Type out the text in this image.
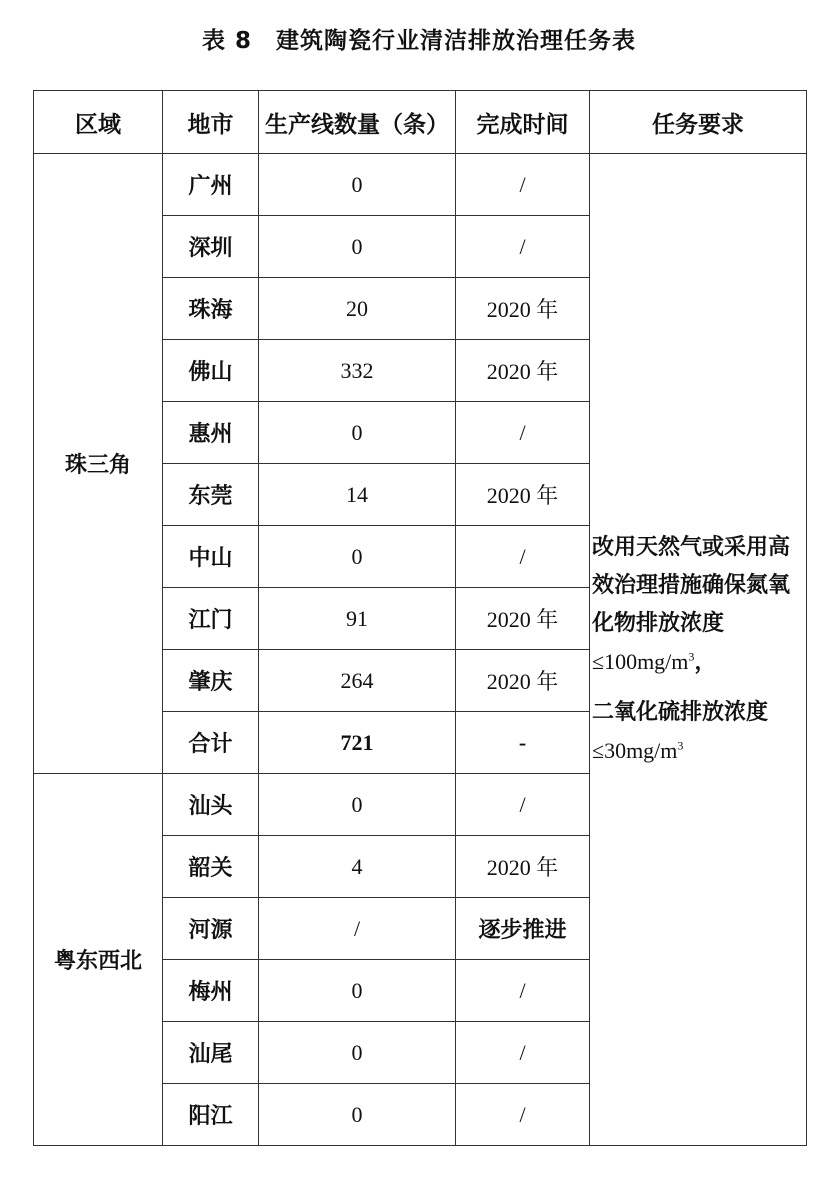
表 8　建筑陶瓷行业清洁排放治理任务表
区域	地市	生产线数量（条）	完成时间	任务要求
珠三角	广州	0	/	改用天然气或采用高效治理措施确保氮氧化物排放浓度
$\le 100mg/m^3$，

二氧化硫排放浓度
$\le 30mg/m^3$

	深圳	0	/	
	珠海	20	2020 年	
	佛山	332	2020 年	
	惠州	0	/	
	东莞	14	2020 年	
	中山	0	/	
	江门	91	2020 年	
	肇庆	264	2020 年	
	合计	721	-	
粤东西北	汕头	0	/	
	韶关	4	2020 年	
	河源	/	逐步推进	
	梅州	0	/	
	汕尾	0	/	
	阳江	0	/	
